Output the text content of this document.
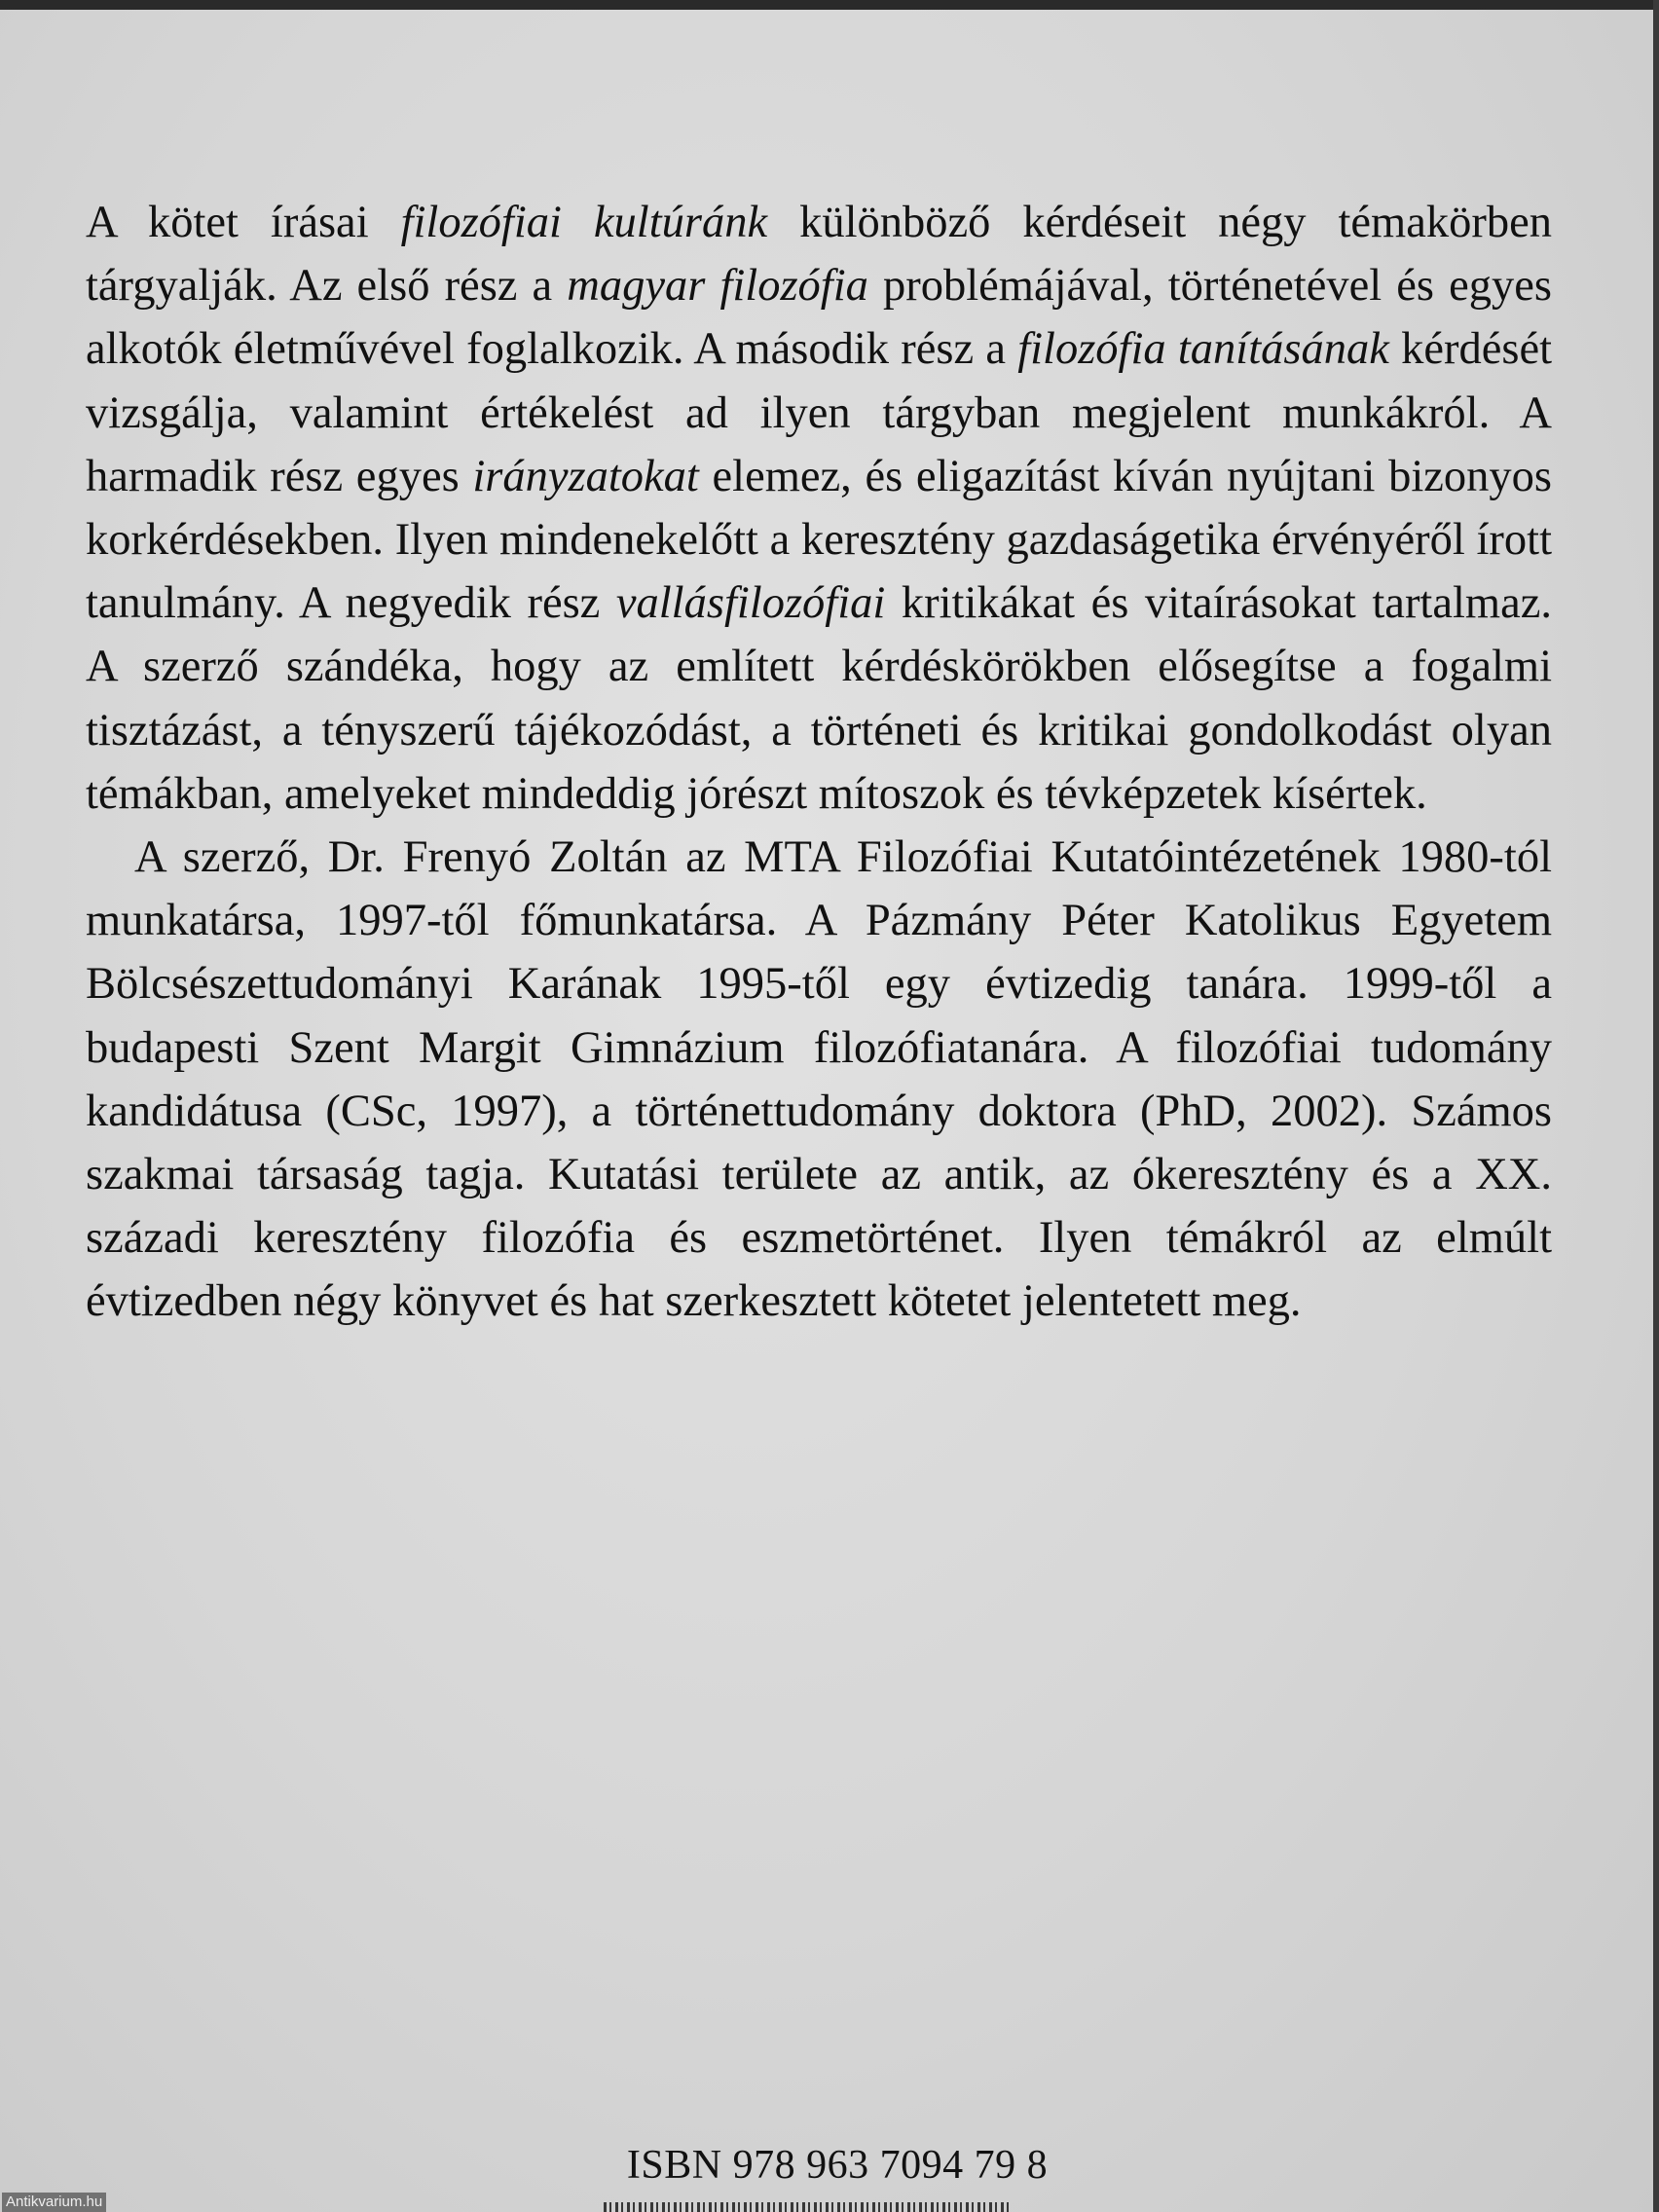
A kötet írásai filozófiai kultúránk különböző kérdéseit négy témakörben tárgyalják. Az első rész a magyar filozófia problémájával, történetével és egyes alkotók életművével foglalkozik. A második rész a filozófia tanításának kérdését vizsgálja, valamint értékelést ad ilyen tárgyban megjelent munkákról. A harmadik rész egyes irányzatokat elemez, és eligazítást kíván nyújtani bizonyos korkérdésekben. Ilyen mindenekelőtt a keresztény gazdaságetika érvényéről írott tanulmány. A negyedik rész vallásfilozófiai kritikákat és vitaírásokat tartalmaz. A szerző szándéka, hogy az említett kérdéskörökben elősegítse a fogalmi tisztázást, a tényszerű tájékozódást, a történeti és kritikai gondolkodást olyan témákban, amelyeket mindeddig jórészt mítoszok és tévképzetek kísértek.

A szerző, Dr. Frenyó Zoltán az MTA Filozófiai Kutatóintézetének 1980-tól munkatársa, 1997-től főmunkatársa. A Pázmány Péter Katolikus Egyetem Bölcsészettudományi Karának 1995-től egy évtizedig tanára. 1999-től a budapesti Szent Margit Gimnázium filozófiatanára. A filozófiai tudomány kandidátusa (CSc, 1997), a történettudomány doktora (PhD, 2002). Számos szakmai társaság tagja. Kutatási területe az antik, az ókeresztény és a XX. századi keresztény filozófia és eszmetörténet. Ilyen témákról az elmúlt évtizedben négy könyvet és hat szerkesztett kötetet jelentetett meg.

ISBN 978 963 7094 79 8
Antikvarium.hu
